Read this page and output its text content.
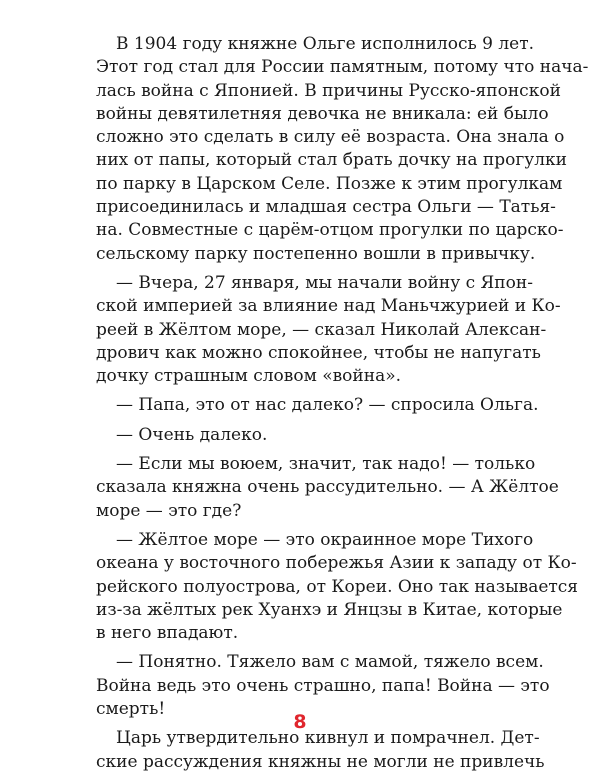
В 1904 году княжне Ольге исполнилось 9 лет.
Этот год стал для России памятным, потому что нача-
лась война с Японией. В причины Русско-японской
войны девятилетняя девочка не вникала: ей было
сложно это сделать в силу её возраста. Она знала о
них от папы, который стал брать дочку на прогулки
по парку в Царском Селе. Позже к этим прогулкам
присоединилась и младшая сестра Ольги — Татья-
на. Совместные с царём-отцом прогулки по царско-
сельскому парку постепенно вошли в привычку.
— Вчера, 27 января, мы начали войну с Япон-
ской империей за влияние над Маньчжурией и Ко-
реей в Жёлтом море, — сказал Николай Алексан-
дрович как можно спокойнее, чтобы не напугать
дочку страшным словом «война».
— Папа, это от нас далеко? — спросила Ольга.
— Очень далеко.
— Если мы воюем, значит, так надо! — только
сказала княжна очень рассудительно. — А Жёлтое
море — это где?
— Жёлтое море — это окраинное море Тихого
океана у восточного побережья Азии к западу от Ко-
рейского полуострова, от Кореи. Оно так называется
из-за жёлтых рек Хуанхэ и Янцзы в Китае, которые
в него впадают.
— Понятно. Тяжело вам с мамой, тяжело всем.
Война ведь это очень страшно, папа! Война — это
смерть!
Царь утвердительно кивнул и помрачнел. Дет-
ские рассуждения княжны не могли не привлечь
8
